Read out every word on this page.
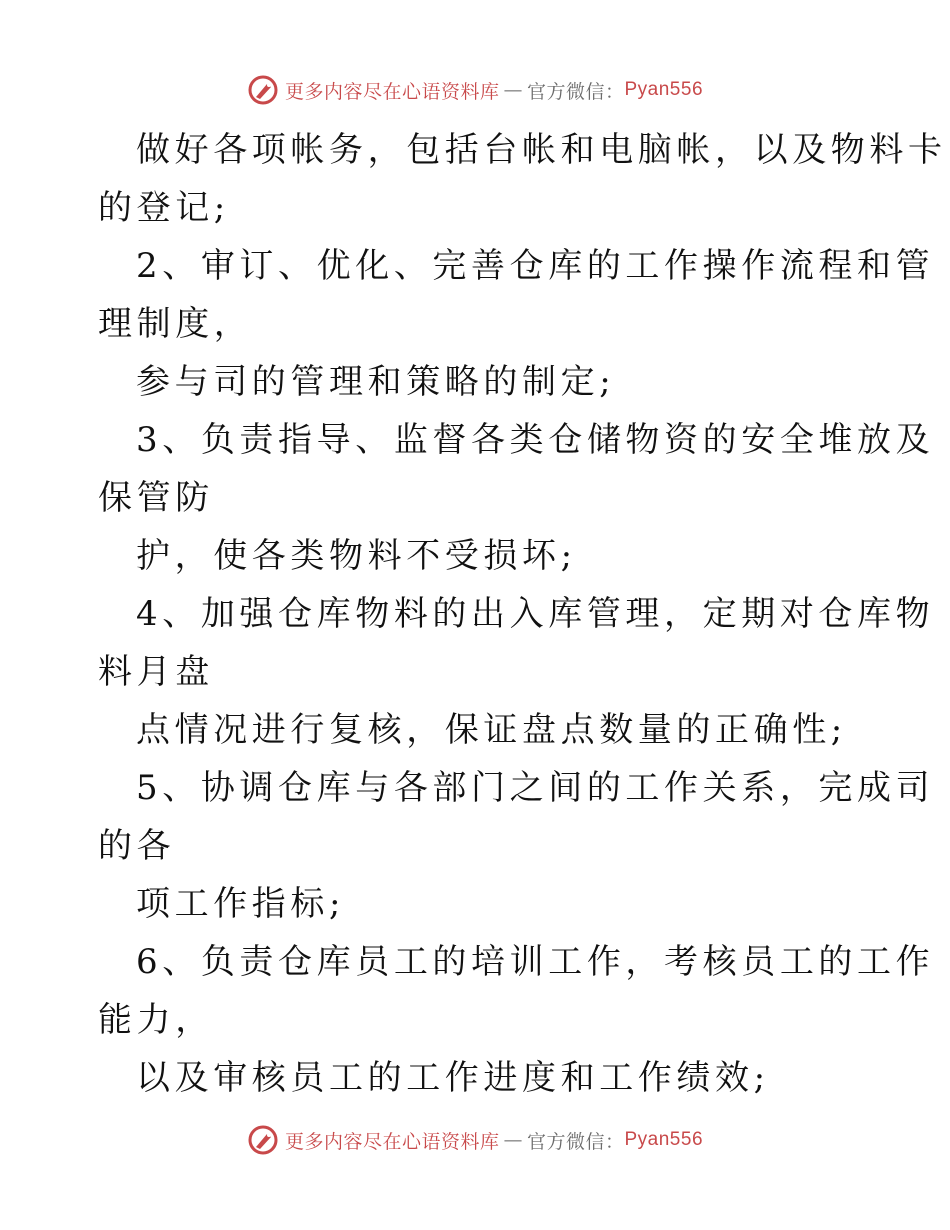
更多内容尽在心语资料库 — 官方微信： Pyan556
做好各项帐务，包括台帐和电脑帐，以及物料卡
的登记;
2、审订、优化、完善仓库的工作操作流程和管
理制度，
参与司的管理和策略的制定;
3、负责指导、监督各类仓储物资的安全堆放及
保管防
护，使各类物料不受损坏;
4、加强仓库物料的出入库管理，定期对仓库物
料月盘
点情况进行复核，保证盘点数量的正确性;
5、协调仓库与各部门之间的工作关系，完成司
的各
项工作指标;
6、负责仓库员工的培训工作，考核员工的工作
能力，
以及审核员工的工作进度和工作绩效;
更多内容尽在心语资料库 — 官方微信： Pyan556
